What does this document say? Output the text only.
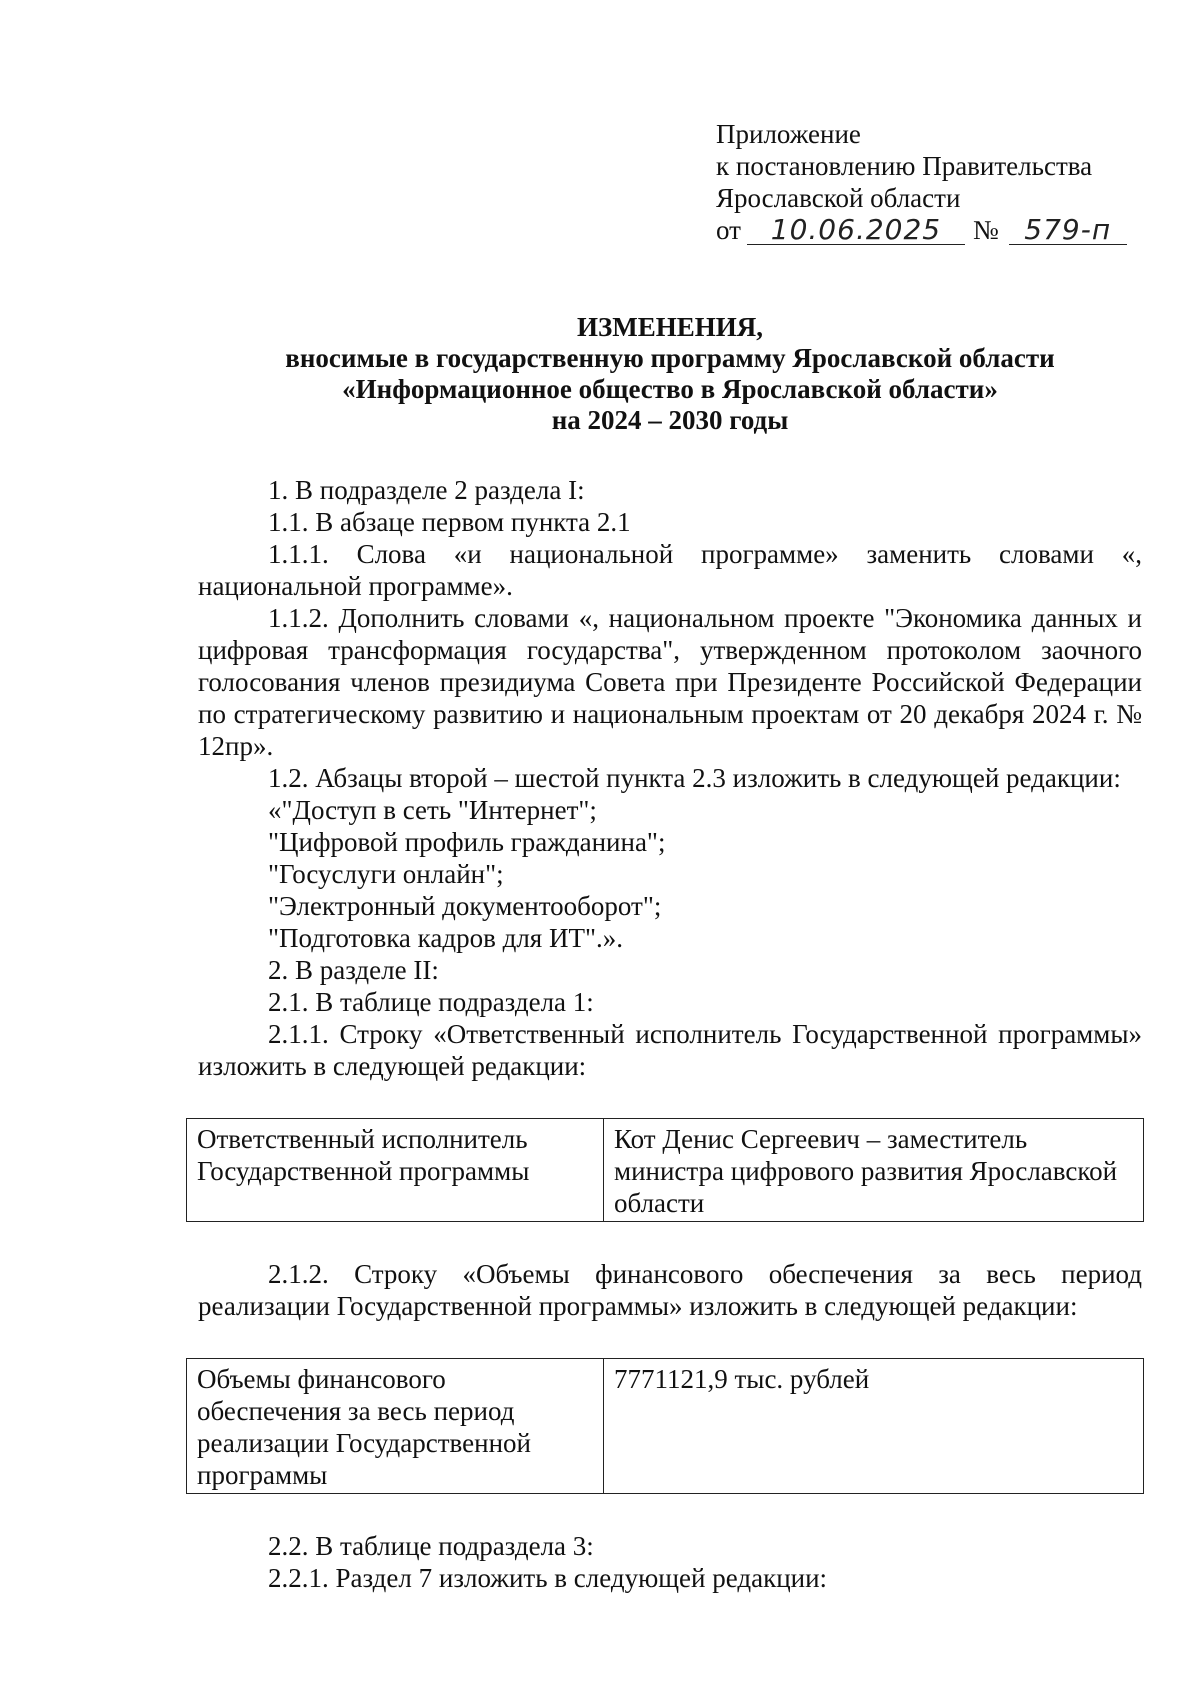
Приложение
к постановлению Правительства
Ярославской области
от 10.06.2025 № 579-п
ИЗМЕНЕНИЯ,
вносимые в государственную программу Ярославской области
«Информационное общество в Ярославской области»
на 2024 – 2030 годы

1. В подразделе 2 раздела I:

1.1. В абзаце первом пункта 2.1

1.1.1. Слова «и национальной программе» заменить словами «, национальной программе».

1.1.2. Дополнить словами «, национальном проекте "Экономика данных и цифровая трансформация государства", утвержденном протоколом заочного голосования членов президиума Совета при Президенте Российской Федерации по стратегическому развитию и национальным проектам от 20 декабря 2024 г. № 12пр».

1.2. Абзацы второй – шестой пункта 2.3 изложить в следующей редакции:

«"Доступ в сеть "Интернет";

"Цифровой профиль гражданина";

"Госуслуги онлайн";

"Электронный документооборот";

"Подготовка кадров для ИТ".».

2. В разделе II:

2.1. В таблице подраздела 1:

2.1.1. Строку «Ответственный исполнитель Государственной программы» изложить в следующей редакции:

Ответственный исполнитель Государственной программы	Кот Денис Сергеевич – заместитель министра цифрового развития Ярославской области

2.1.2. Строку «Объемы финансового обеспечения за весь период реализации Государственной программы» изложить в следующей редакции:

Объемы финансового обеспечения за весь период реализации Государственной программы	7771121,9 тыс. рублей

2.2. В таблице подраздела 3:

2.2.1. Раздел 7 изложить в следующей редакции:
